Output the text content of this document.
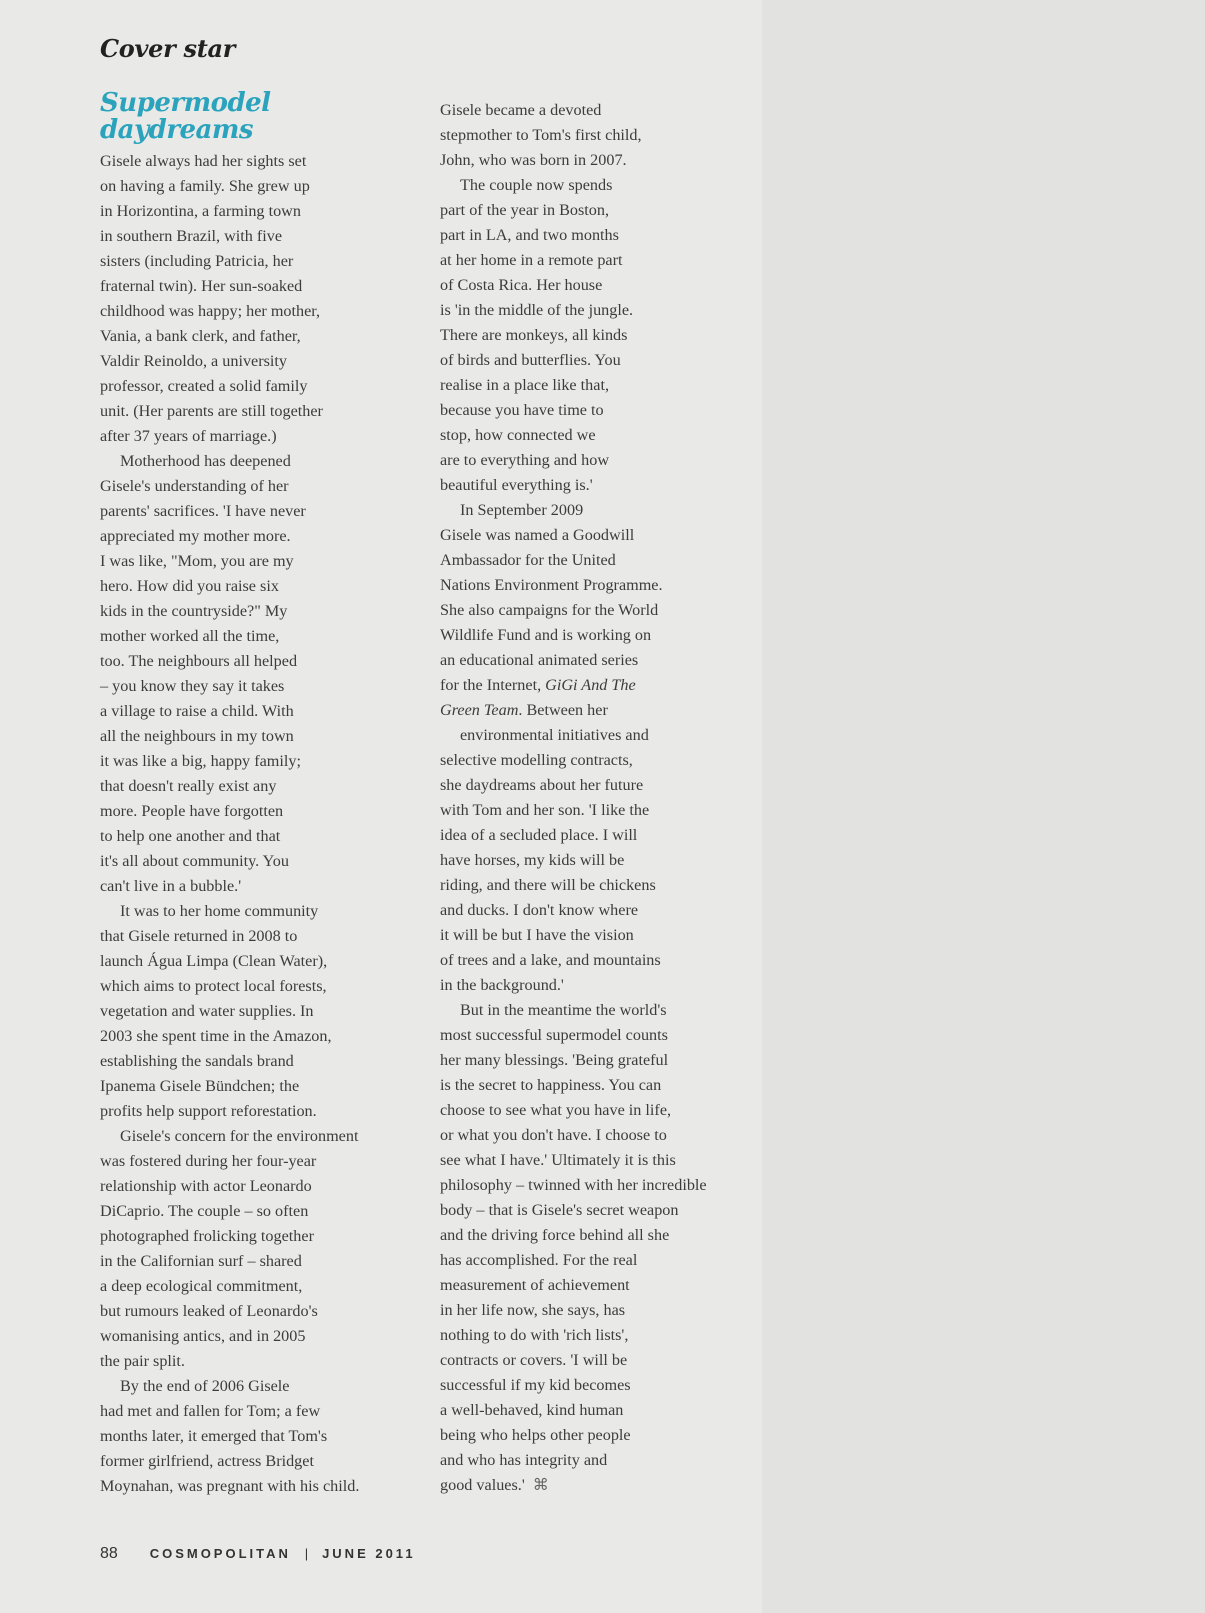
Cover star
Supermodel
daydreams

Gisele always had her sights set

on having a family. She grew up

in Horizontina, a farming town

in southern Brazil, with five

sisters (including Patricia, her

fraternal twin). Her sun-soaked

childhood was happy; her mother,

Vania, a bank clerk, and father,

Valdir Reinoldo, a university

professor, created a solid family

unit. (Her parents are still together

after 37 years of marriage.)

Motherhood has deepened

Gisele's understanding of her

parents' sacrifices. 'I have never

appreciated my mother more.

I was like, "Mom, you are my

hero. How did you raise six

kids in the countryside?" My

mother worked all the time,

too. The neighbours all helped

– you know they say it takes

a village to raise a child. With

all the neighbours in my town

it was like a big, happy family;

that doesn't really exist any

more. People have forgotten

to help one another and that

it's all about community. You

can't live in a bubble.'

It was to her home community

that Gisele returned in 2008 to

launch Água Limpa (Clean Water),

which aims to protect local forests,

vegetation and water supplies. In

2003 she spent time in the Amazon,

establishing the sandals brand

Ipanema Gisele Bündchen; the

profits help support reforestation.

Gisele's concern for the environment

was fostered during her four-year

relationship with actor Leonardo

DiCaprio. The couple – so often

photographed frolicking together

in the Californian surf – shared

a deep ecological commitment,

but rumours leaked of Leonardo's

womanising antics, and in 2005

the pair split.

By the end of 2006 Gisele

had met and fallen for Tom; a few

months later, it emerged that Tom's

former girlfriend, actress Bridget

Moynahan, was pregnant with his child.

Gisele became a devoted

stepmother to Tom's first child,

John, who was born in 2007.

The couple now spends

part of the year in Boston,

part in LA, and two months

at her home in a remote part

of Costa Rica. Her house

is 'in the middle of the jungle.

There are monkeys, all kinds

of birds and butterflies. You

realise in a place like that,

because you have time to

stop, how connected we

are to everything and how

beautiful everything is.'

In September 2009

Gisele was named a Goodwill

Ambassador for the United

Nations Environment Programme.

She also campaigns for the World

Wildlife Fund and is working on

an educational animated series

for the Internet, GiGi And The

Green Team. Between her

environmental initiatives and

selective modelling contracts,

she daydreams about her future

with Tom and her son. 'I like the

idea of a secluded place. I will

have horses, my kids will be

riding, and there will be chickens

and ducks. I don't know where

it will be but I have the vision

of trees and a lake, and mountains

in the background.'

But in the meantime the world's

most successful supermodel counts

her many blessings. 'Being grateful

is the secret to happiness. You can

choose to see what you have in life,

or what you don't have. I choose to

see what I have.' Ultimately it is this

philosophy – twinned with her incredible

body – that is Gisele's secret weapon

and the driving force behind all she

has accomplished. For the real

measurement of achievement

in her life now, she says, has

nothing to do with 'rich lists',

contracts or covers. 'I will be

successful if my kid becomes

a well-behaved, kind human

being who helps other people

and who has integrity and

good values.' ⌘

88 COSMOPOLITAN | JUNE 2011
